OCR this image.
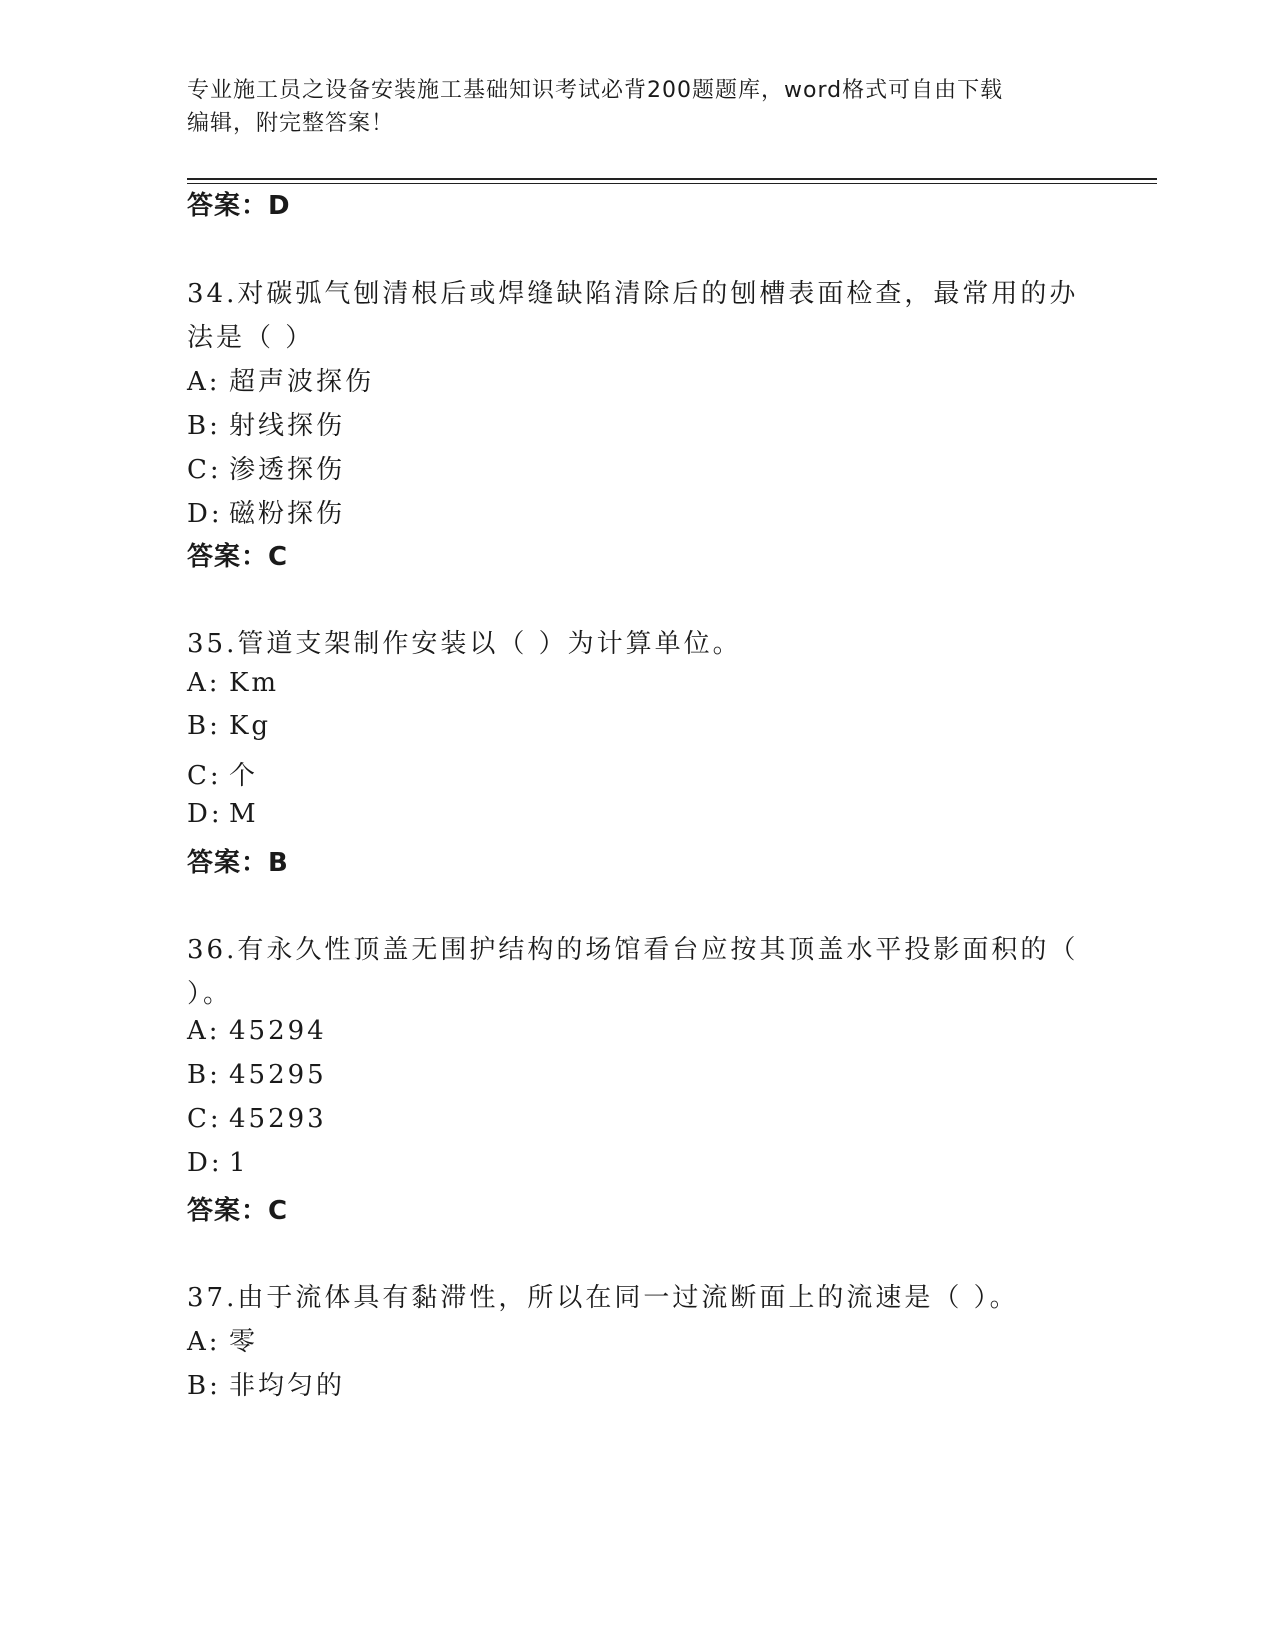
专业施工员之设备安装施工基础知识考试必背200题题库，word格式可自由下载
编辑，附完整答案！
答案：D
34.对碳弧气刨清根后或焊缝缺陷清除后的刨槽表面检查，最常用的办
法是（ ）
A: 超声波探伤
B: 射线探伤
C: 渗透探伤
D: 磁粉探伤
答案：C
35.管道支架制作安装以（ ）为计算单位。
A: Km
B: Kg
C: 个
D: M
答案：B
36.有永久性顶盖无围护结构的场馆看台应按其顶盖水平投影面积的（
）。
A: 45294
B: 45295
C: 45293
D: 1
答案：C
37.由于流体具有黏滞性，所以在同一过流断面上的流速是（ ）。
A: 零
B: 非均匀的
